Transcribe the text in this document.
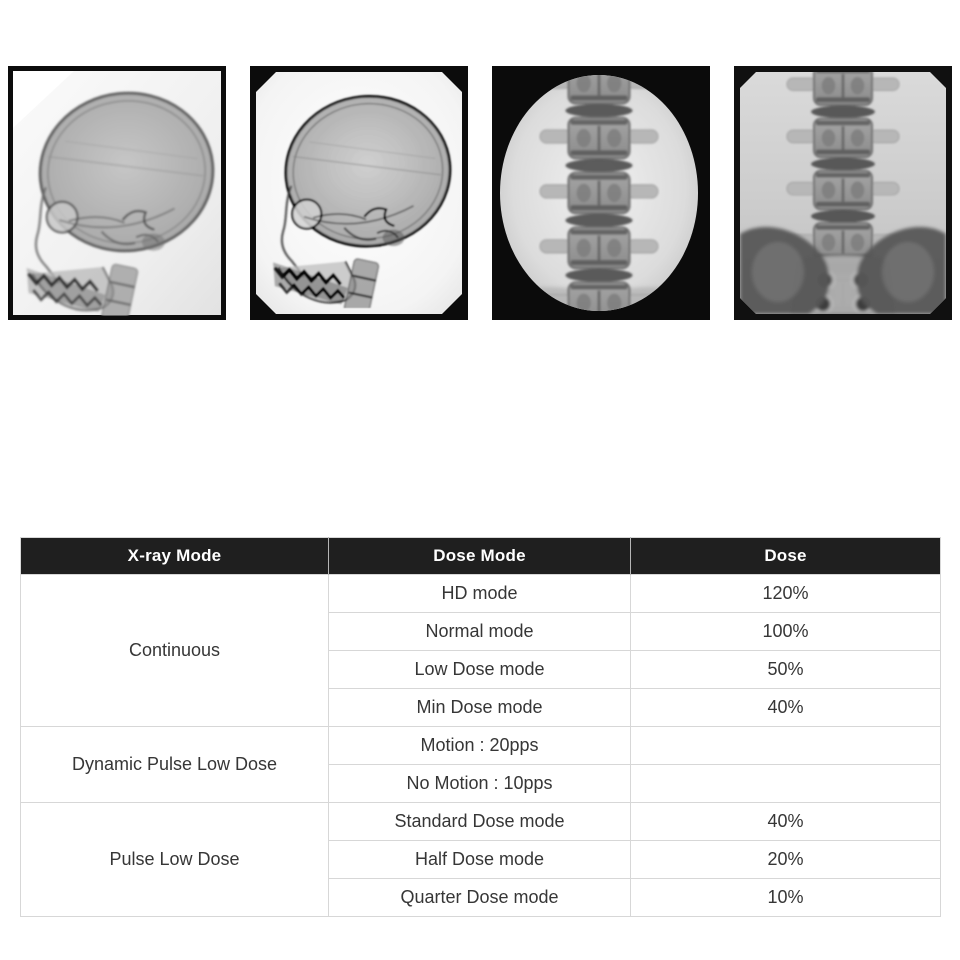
X-ray Mode	Dose Mode	Dose
Continuous	HD mode	120%
	Normal mode	100%
	Low Dose mode	50%
	Min Dose mode	40%
Dynamic Pulse Low Dose	Motion : 20pps	
	No Motion : 10pps	
Pulse Low Dose	Standard Dose mode	40%
	Half Dose mode	20%
	Quarter Dose mode	10%
